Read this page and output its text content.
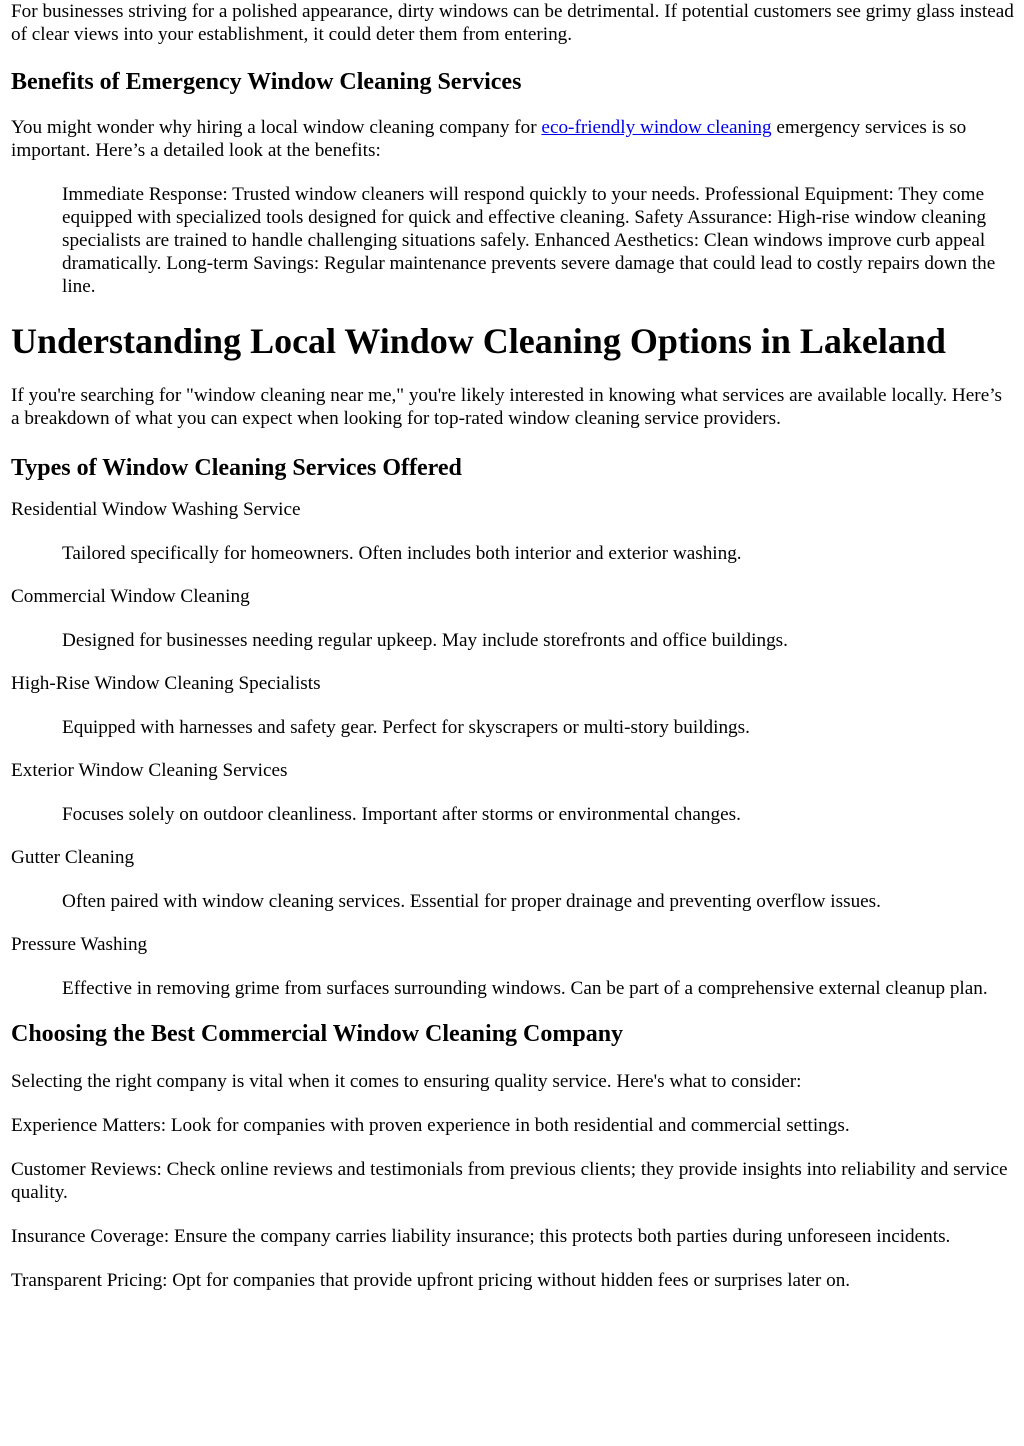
For businesses striving for a polished appearance, dirty windows can be detrimental. If potential customers see grimy glass instead of clear views into your establishment, it could deter them from entering.

Benefits of Emergency Window Cleaning Services

You might wonder why hiring a local window cleaning company for eco-friendly window cleaning emergency services is so important. Here’s a detailed look at the benefits:

Immediate Response: Trusted window cleaners will respond quickly to your needs. Professional Equipment: They come equipped with specialized tools designed for quick and effective cleaning. Safety Assurance: High-rise window cleaning specialists are trained to handle challenging situations safely. Enhanced Aesthetics: Clean windows improve curb appeal dramatically. Long-term Savings: Regular maintenance prevents severe damage that could lead to costly repairs down the line.
Understanding Local Window Cleaning Options in Lakeland

If you're searching for "window cleaning near me," you're likely interested in knowing what services are available locally. Here’s a breakdown of what you can expect when looking for top-rated window cleaning service providers.

Types of Window Cleaning Services Offered

Residential Window Washing Service

Tailored specifically for homeowners. Often includes both interior and exterior washing.

Commercial Window Cleaning

Designed for businesses needing regular upkeep. May include storefronts and office buildings.

High-Rise Window Cleaning Specialists

Equipped with harnesses and safety gear. Perfect for skyscrapers or multi-story buildings.

Exterior Window Cleaning Services

Focuses solely on outdoor cleanliness. Important after storms or environmental changes.

Gutter Cleaning

Often paired with window cleaning services. Essential for proper drainage and preventing overflow issues.

Pressure Washing

Effective in removing grime from surfaces surrounding windows. Can be part of a comprehensive external cleanup plan.
Choosing the Best Commercial Window Cleaning Company

Selecting the right company is vital when it comes to ensuring quality service. Here's what to consider:

Experience Matters: Look for companies with proven experience in both residential and commercial settings.

Customer Reviews: Check online reviews and testimonials from previous clients; they provide insights into reliability and service quality.

Insurance Coverage: Ensure the company carries liability insurance; this protects both parties during unforeseen incidents.

Transparent Pricing: Opt for companies that provide upfront pricing without hidden fees or surprises later on.
